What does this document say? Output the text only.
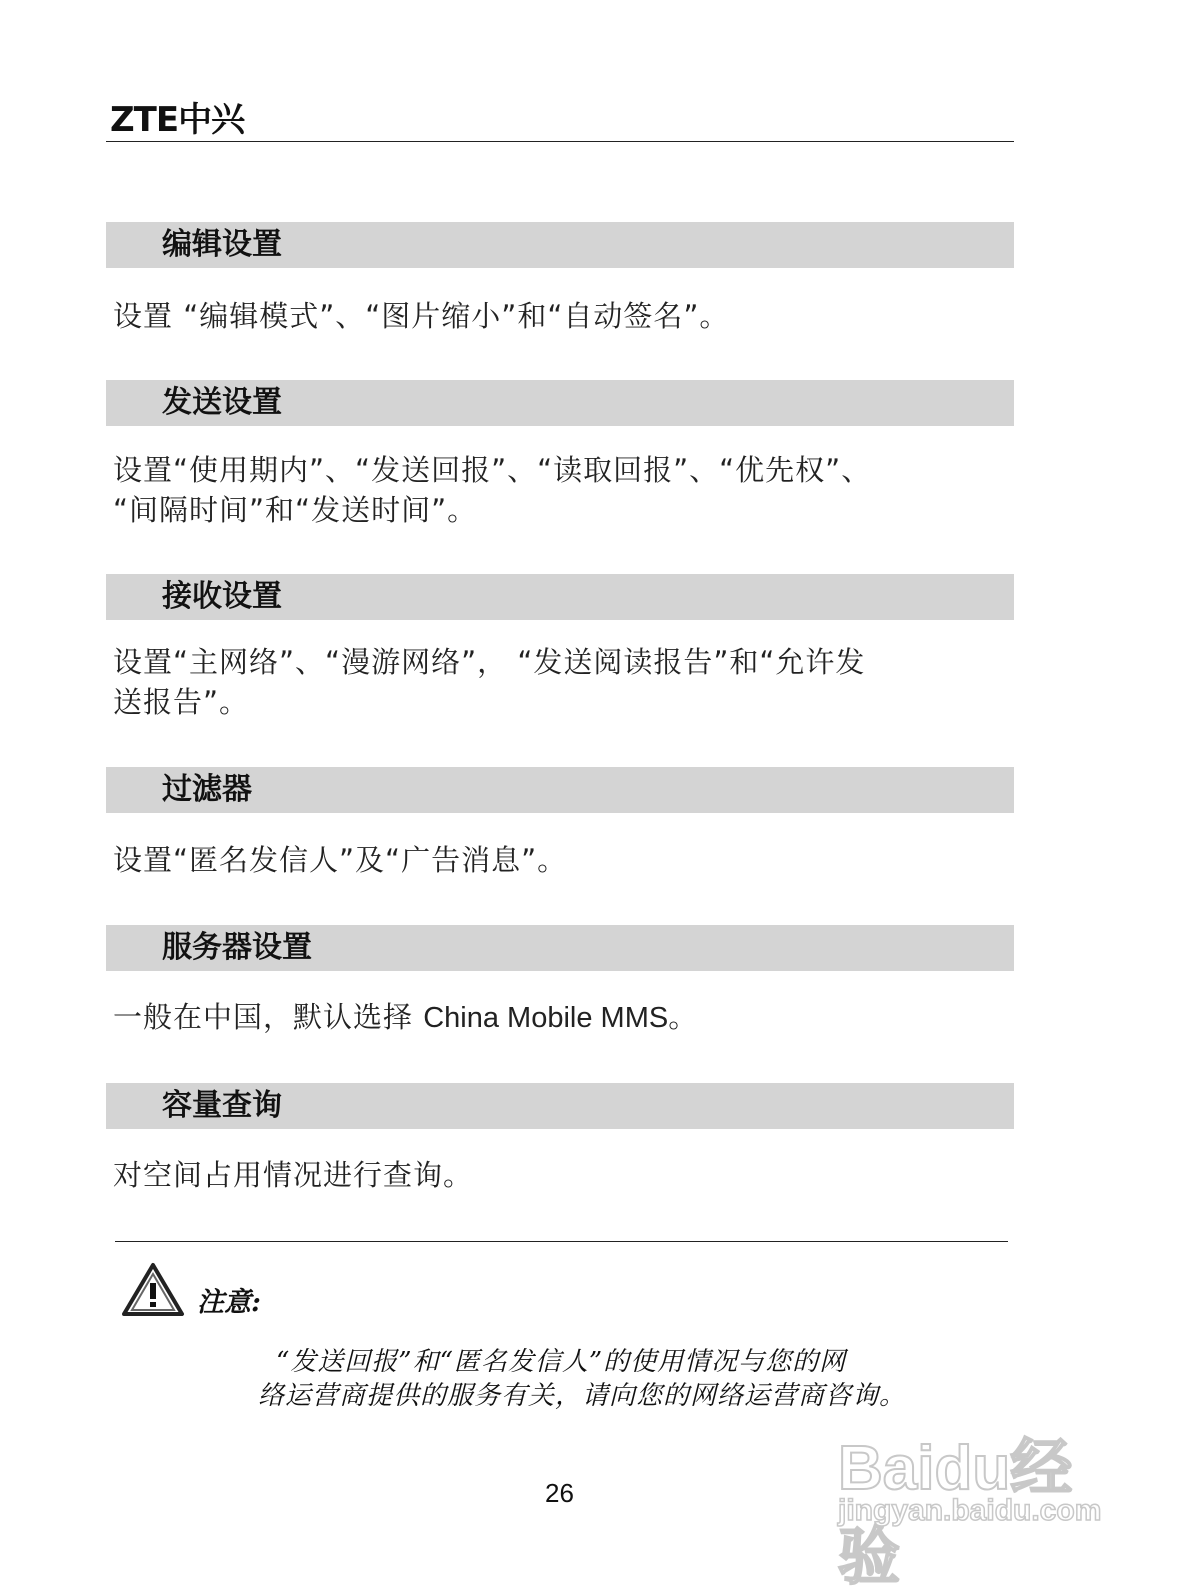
ZTE中兴
编辑设置
设置 “编辑模式”、“图片缩小”和“自动签名”。
发送设置
设置“使用期内”、“发送回报”、“读取回报”、“优先权”、
“间隔时间”和“发送时间”。
接收设置
设置“主网络”、“漫游网络”， “发送阅读报告”和“允许发
送报告”。
过滤器
设置“匿名发信人”及“广告消息”。
服务器设置
一般在中国，默认选择 China Mobile MMS。
容量查询
对空间占用情况进行查询。
注意:
“发送回报”和“匿名发信人”的使用情况与您的网
络运营商提供的服务有关，请向您的网络运营商咨询。
Baidu经验
jingyan.baidu.com
26
